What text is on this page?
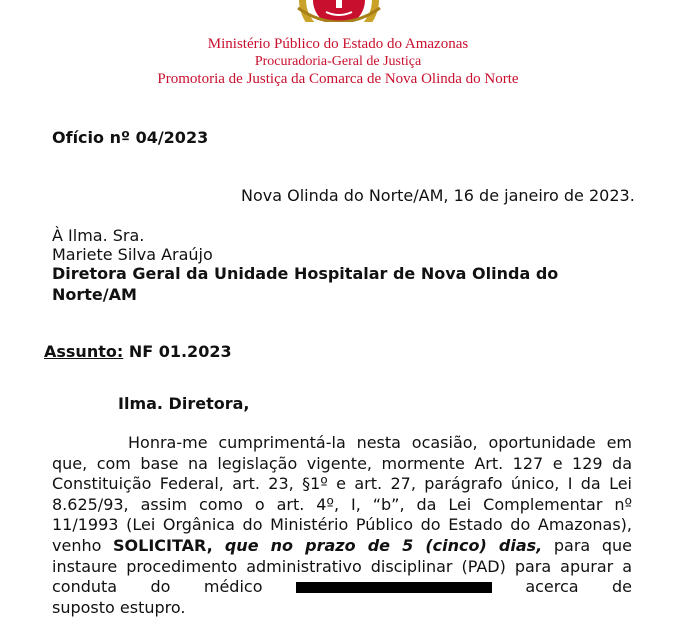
Ministério Público do Estado do Amazonas
Procuradoria-Geral de Justiça
Promotoria de Justiça da Comarca de Nova Olinda do Norte
Ofício nº 04/2023
Nova Olinda do Norte/AM, 16 de janeiro de 2023.
À Ilma. Sra.
Mariete Silva Araújo
Diretora Geral da Unidade Hospitalar de Nova Olinda do
Norte/AM
Assunto: NF 01.2023
Ilma. Diretora,
Honra-me cumprimentá-la nesta ocasião, oportunidade em
que, com base na legislação vigente, mormente Art. 127 e 129 da
Constituição Federal, art. 23, §1º e art. 27, parágrafo único, I da Lei
8.625/93, assim como o art. 4º, I, “b”, da Lei Complementar nº
11/1993 (Lei Orgânica do Ministério Público do Estado do Amazonas),
venho SOLICITAR, que no prazo de 5 (cinco) dias, para que
instaure procedimento administrativo disciplinar (PAD) para apurar a
conduta do médico	acerca de
suposto estupro.
